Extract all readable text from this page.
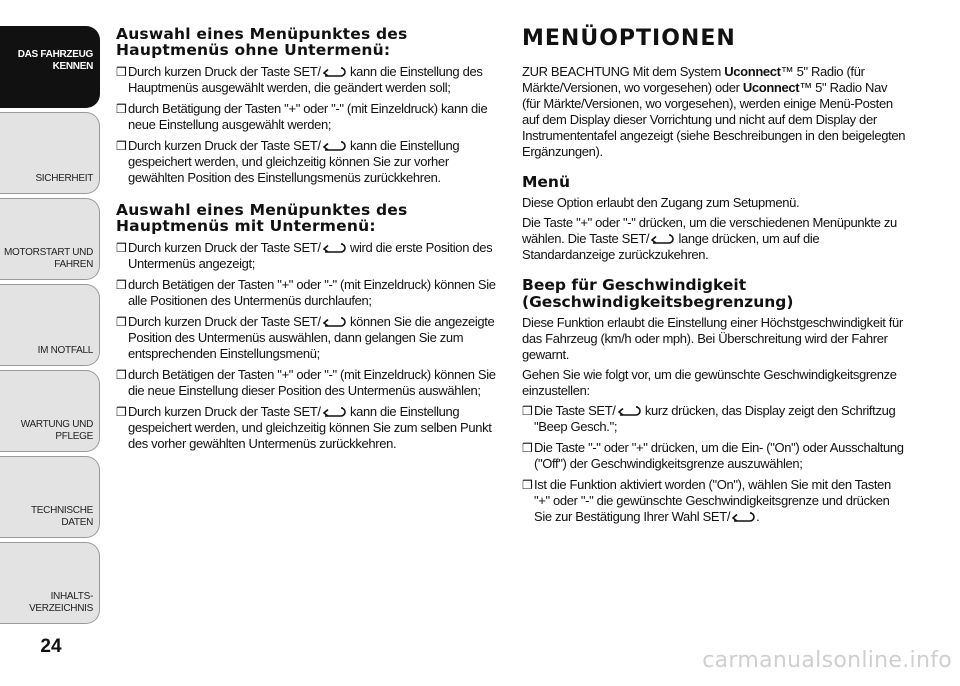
DAS FAHRZEUG KENNEN
SICHERHEIT
MOTORSTART UND FAHREN
IM NOTFALL
WARTUNG UND PFLEGE
TECHNISCHE DATEN
INHALTS- VERZEICHNIS
24
Auswahl eines Menüpunktes des
Hauptmenüs ohne Untermenü:
❒ Durch kurzen Druck der Taste SET/ kann die Einstellung des Hauptmenüs ausgewählt werden, die geändert werden soll;
❒ durch Betätigung der Tasten "+" oder "-" (mit Einzeldruck) kann die neue Einstellung ausgewählt werden;
❒ Durch kurzen Druck der Taste SET/ kann die Einstellung gespeichert werden, und gleichzeitig können Sie zur vorher gewählten Position des Einstellungsmenüs zurückkehren.
Auswahl eines Menüpunktes des
Hauptmenüs mit Untermenü:
❒ Durch kurzen Druck der Taste SET/ wird die erste Position des Untermenüs angezeigt;
❒ durch Betätigen der Tasten "+" oder "-" (mit Einzeldruck) können Sie alle Positionen des Untermenüs durchlaufen;
❒ Durch kurzen Druck der Taste SET/ können Sie die angezeigte Position des Untermenüs auswählen, dann gelangen Sie zum entsprechenden Einstellungsmenü;
❒ durch Betätigen der Tasten "+" oder "-" (mit Einzeldruck) können Sie die neue Einstellung dieser Position des Untermenüs auswählen;
❒ Durch kurzen Druck der Taste SET/ kann die Einstellung gespeichert werden, und gleichzeitig können Sie zum selben Punkt des vorher gewählten Untermenüs zurückkehren.
MENÜOPTIONEN

ZUR BEACHTUNG Mit dem System Uconnect™ 5" Radio (für Märkte/Versionen, wo vorgesehen) oder Uconnect™ 5" Radio Nav (für Märkte/Versionen, wo vorgesehen), werden einige Menü-Posten auf dem Display dieser Vorrichtung und nicht auf dem Display der Instrumententafel angezeigt (siehe Beschreibungen in den beigelegten Ergänzungen).

Menü

Diese Option erlaubt den Zugang zum Setupmenü.

Die Taste "+" oder "-" drücken, um die verschiedenen Menüpunkte zu wählen. Die Taste SET/ lange drücken, um auf die Standardanzeige zurückzukehren.

Beep für Geschwindigkeit
(Geschwindigkeitsbegrenzung)

Diese Funktion erlaubt die Einstellung einer Höchstgeschwindigkeit für das Fahrzeug (km/h oder mph). Bei Überschreitung wird der Fahrer gewarnt.

Gehen Sie wie folgt vor, um die gewünschte Geschwindigkeitsgrenze einzustellen:

❒ Die Taste SET/ kurz drücken, das Display zeigt den Schriftzug "Beep Gesch.";
❒ Die Taste "-" oder "+" drücken, um die Ein- ("On") oder Ausschaltung ("Off") der Geschwindigkeitsgrenze auszuwählen;
❒ Ist die Funktion aktiviert worden ("On"), wählen Sie mit den Tasten "+" oder "-" die gewünschte Geschwindigkeitsgrenze und drücken Sie zur Bestätigung Ihrer Wahl SET/ .
carmanualsonline.info
